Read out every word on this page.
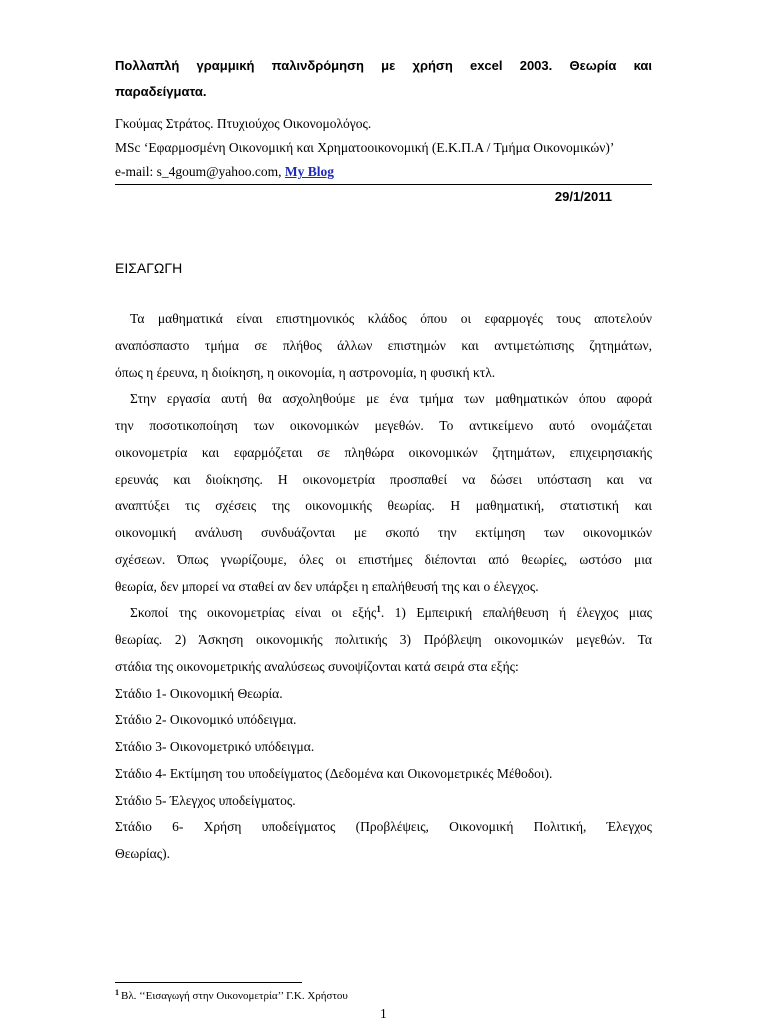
Πολλαπλή γραμμική παλινδρόμηση με χρήση excel 2003. Θεωρία και
παραδείγματα.
Γκούμας Στράτος. Πτυχιούχος Οικονομολόγος.
MSc ‘Εφαρμοσμένη Οικονομική και Χρηματοοικονομική (Ε.Κ.Π.Α / Τμήμα Οικονομικών)’
e-mail: s_4goum@yahoo.com, My Blog
29/1/2011
ΕΙΣΑΓΩΓΗ
Τα μαθηματικά είναι επιστημονικός κλάδος όπου οι εφαρμογές τους αποτελούν
αναπόσπαστο τμήμα σε πλήθος άλλων επιστημών και αντιμετώπισης ζητημάτων,
όπως η έρευνα, η διοίκηση, η οικονομία, η αστρονομία, η φυσική κτλ.
Στην εργασία αυτή θα ασχοληθούμε με ένα τμήμα των μαθηματικών όπου αφορά
την ποσοτικοποίηση των οικονομικών μεγεθών. Το αντικείμενο αυτό ονομάζεται
οικονομετρία και εφαρμόζεται σε πληθώρα οικονομικών ζητημάτων, επιχειρησιακής
ερευνάς και διοίκησης. Η οικονομετρία προσπαθεί να δώσει υπόσταση και να
αναπτύξει τις σχέσεις της οικονομικής θεωρίας. Η μαθηματική, στατιστική και
οικονομική ανάλυση συνδυάζονται με σκοπό την εκτίμηση των οικονομικών
σχέσεων. Όπως γνωρίζουμε, όλες οι επιστήμες διέπονται από θεωρίες, ωστόσο μια
θεωρία, δεν μπορεί να σταθεί αν δεν υπάρξει η επαλήθευσή της και ο έλεγχος.
Σκοποί της οικονομετρίας είναι οι εξής$^1$. 1) Εμπειρική επαλήθευση ή έλεγχος μιας
θεωρίας. 2) Άσκηση οικονομικής πολιτικής 3) Πρόβλεψη οικονομικών μεγεθών. Τα
στάδια της οικονομετρικής αναλύσεως συνοψίζονται κατά σειρά στα εξής:
Στάδιο 1- Οικονομική Θεωρία.
Στάδιο 2- Οικονομικό υπόδειγμα.
Στάδιο 3- Οικονομετρικό υπόδειγμα.
Στάδιο 4- Εκτίμηση του υποδείγματος (Δεδομένα και Οικονομετρικές Μέθοδοι).
Στάδιο 5- Έλεγχος υποδείγματος.
Στάδιο 6- Χρήση υποδείγματος (Προβλέψεις, Οικονομική Πολιτική, Έλεγχος
Θεωρίας).
$^1$ Βλ. ‘‘Εισαγωγή στην Οικονομετρία’’ Γ.Κ. Χρήστου
1
